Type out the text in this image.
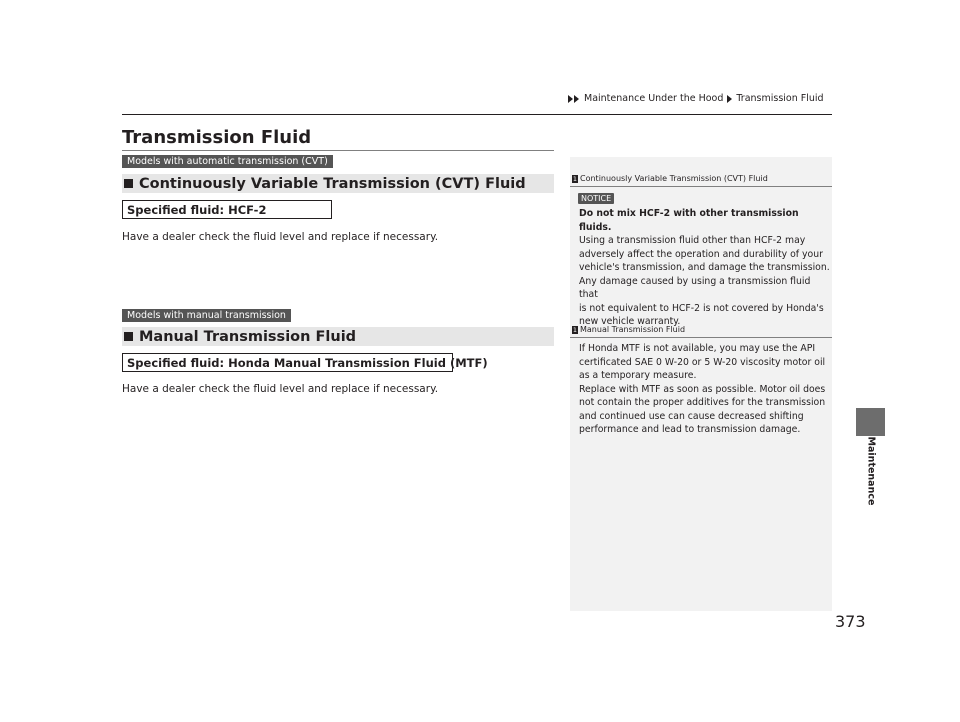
Maintenance Under the Hood Transmission Fluid
Transmission Fluid
Models with automatic transmission (CVT)
Continuously Variable Transmission (CVT) Fluid
Specified fluid: HCF-2
Have a dealer check the fluid level and replace if necessary.
Models with manual transmission
Manual Transmission Fluid
Specified fluid: Honda Manual Transmission Fluid (MTF)
Have a dealer check the fluid level and replace if necessary.
1 Continuously Variable Transmission (CVT) Fluid
NOTICE
Do not mix HCF-2 with other transmission fluids.
Using a transmission fluid other than HCF-2 may
adversely affect the operation and durability of your
vehicle's transmission, and damage the transmission.
Any damage caused by using a transmission fluid that
is not equivalent to HCF-2 is not covered by Honda's
new vehicle warranty.
1 Manual Transmission Fluid
If Honda MTF is not available, you may use the API
certificated SAE 0 W-20 or 5 W-20 viscosity motor oil
as a temporary measure.
Replace with MTF as soon as possible. Motor oil does
not contain the proper additives for the transmission
and continued use can cause decreased shifting
performance and lead to transmission damage.
Maintenance
373
